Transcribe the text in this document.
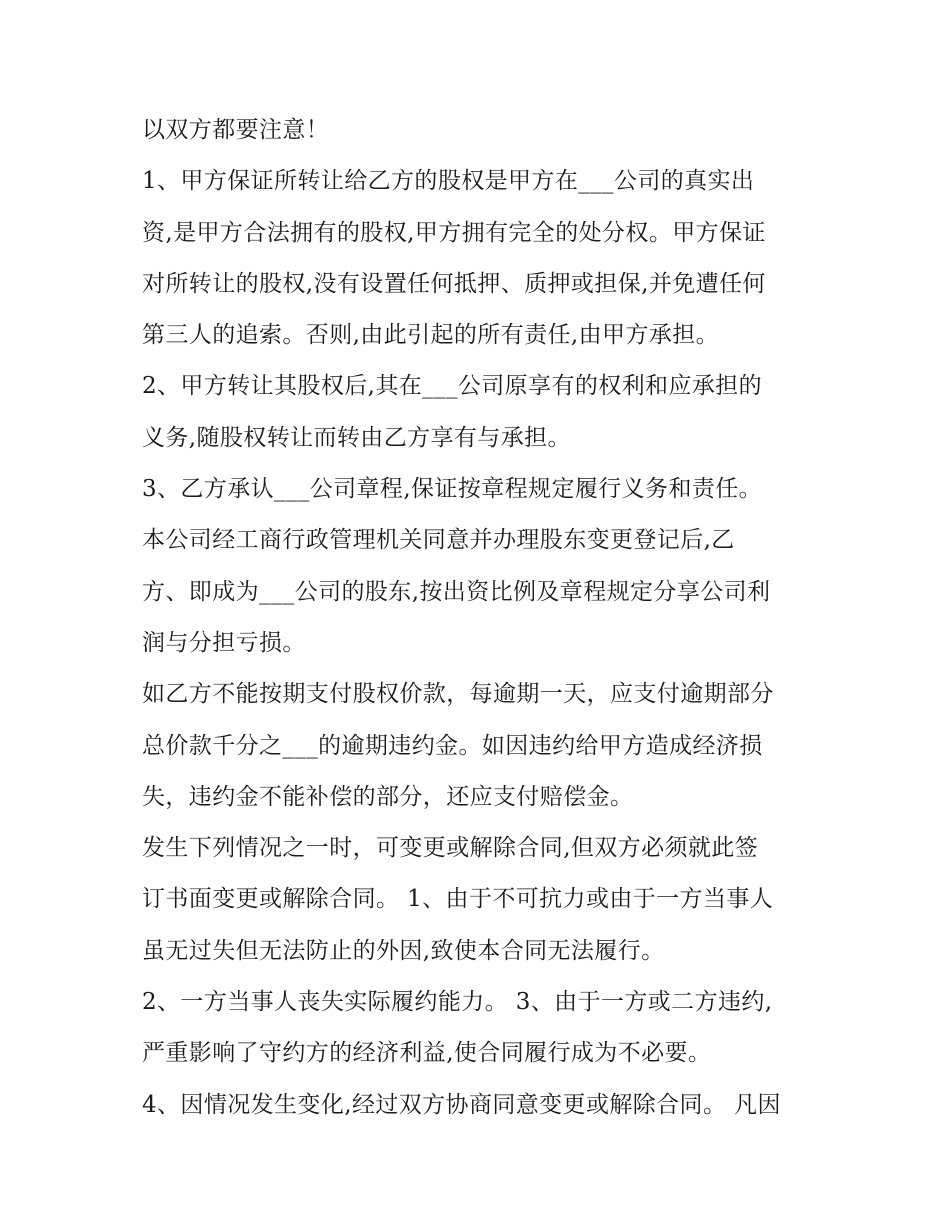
以双方都要注意！
1、甲方保证所转让给乙方的股权是甲方在___公司的真实出
资,是甲方合法拥有的股权,甲方拥有完全的处分权。甲方保证
对所转让的股权,没有设置任何抵押、质押或担保,并免遭任何
第三人的追索。否则,由此引起的所有责任,由甲方承担。
2、甲方转让其股权后,其在___公司原享有的权利和应承担的
义务,随股权转让而转由乙方享有与承担。
3、乙方承认___公司章程,保证按章程规定履行义务和责任。
本公司经工商行政管理机关同意并办理股东变更登记后,乙
方、即成为___公司的股东,按出资比例及章程规定分享公司利
润与分担亏损。
如乙方不能按期支付股权价款，每逾期一天，应支付逾期部分
总价款千分之___的逾期违约金。如因违约给甲方造成经济损
失，违约金不能补偿的部分，还应支付赔偿金。
发生下列情况之一时，可变更或解除合同,但双方必须就此签
订书面变更或解除合同。 1、由于不可抗力或由于一方当事人
虽无过失但无法防止的外因,致使本合同无法履行。
2、一方当事人丧失实际履约能力。 3、由于一方或二方违约,
严重影响了守约方的经济利益,使合同履行成为不必要。
4、因情况发生变化,经过双方协商同意变更或解除合同。 凡因
